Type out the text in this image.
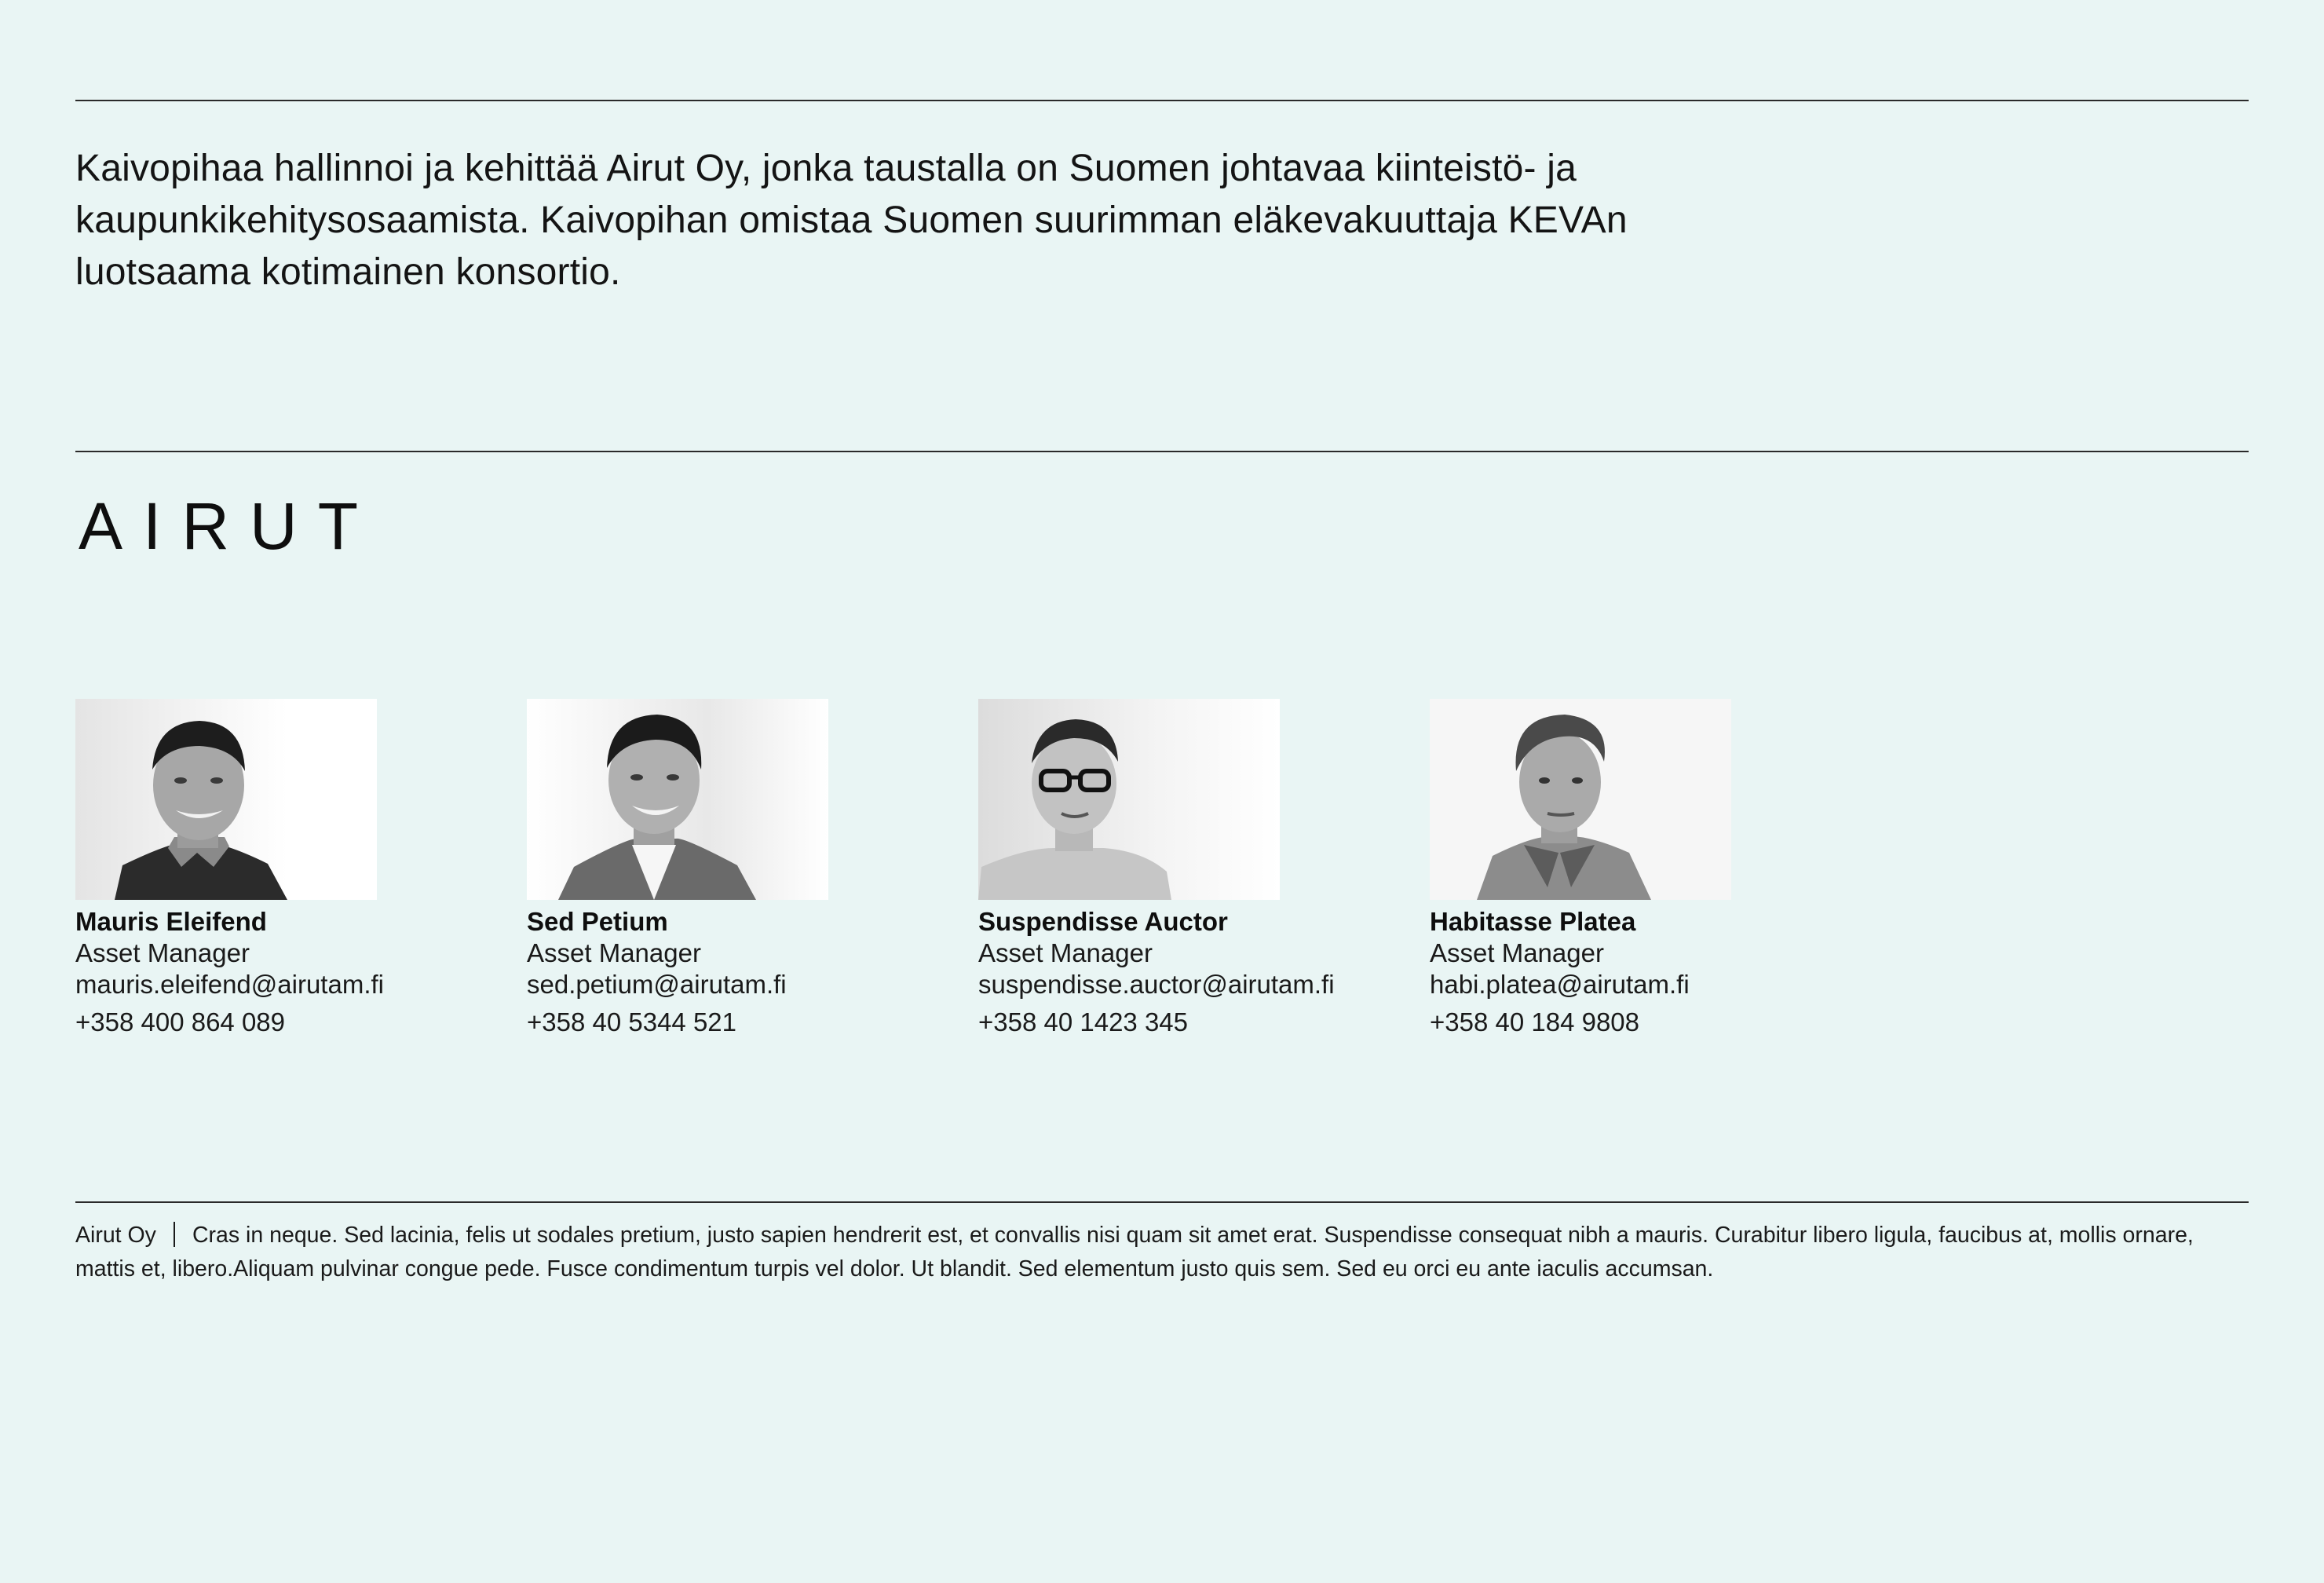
Kaivopihaa hallinnoi ja kehittää Airut Oy, jonka taustalla on Suomen johtavaa kiinteistö- ja kaupunkikehitysosaamista. Kaivopihan omistaa Suomen suurimman eläkevakuuttaja KEVAn luotsaama kotimainen konsortio.

AIRUT
Mauris Eleifend
Asset Manager
mauris.eleifend@airutam.fi
+358 400 864 089
Sed Petium
Asset Manager
sed.petium@airutam.fi
+358 40 5344 521
Suspendisse Auctor
Asset Manager
suspendisse.auctor@airutam.fi
+358 40 1423 345
Habitasse Platea
Asset Manager
habi.platea@airutam.fi
+358 40 184 9808

Airut Oy Cras in neque. Sed lacinia, felis ut sodales pretium, justo sapien hendrerit est, et convallis nisi quam sit amet erat. Suspendisse consequat nibh a mauris. Curabitur libero ligula, faucibus at, mollis ornare, mattis et, libero.Aliquam pulvinar congue pede. Fusce condimentum turpis vel dolor. Ut blandit. Sed elementum justo quis sem. Sed eu orci eu ante iaculis accumsan.
